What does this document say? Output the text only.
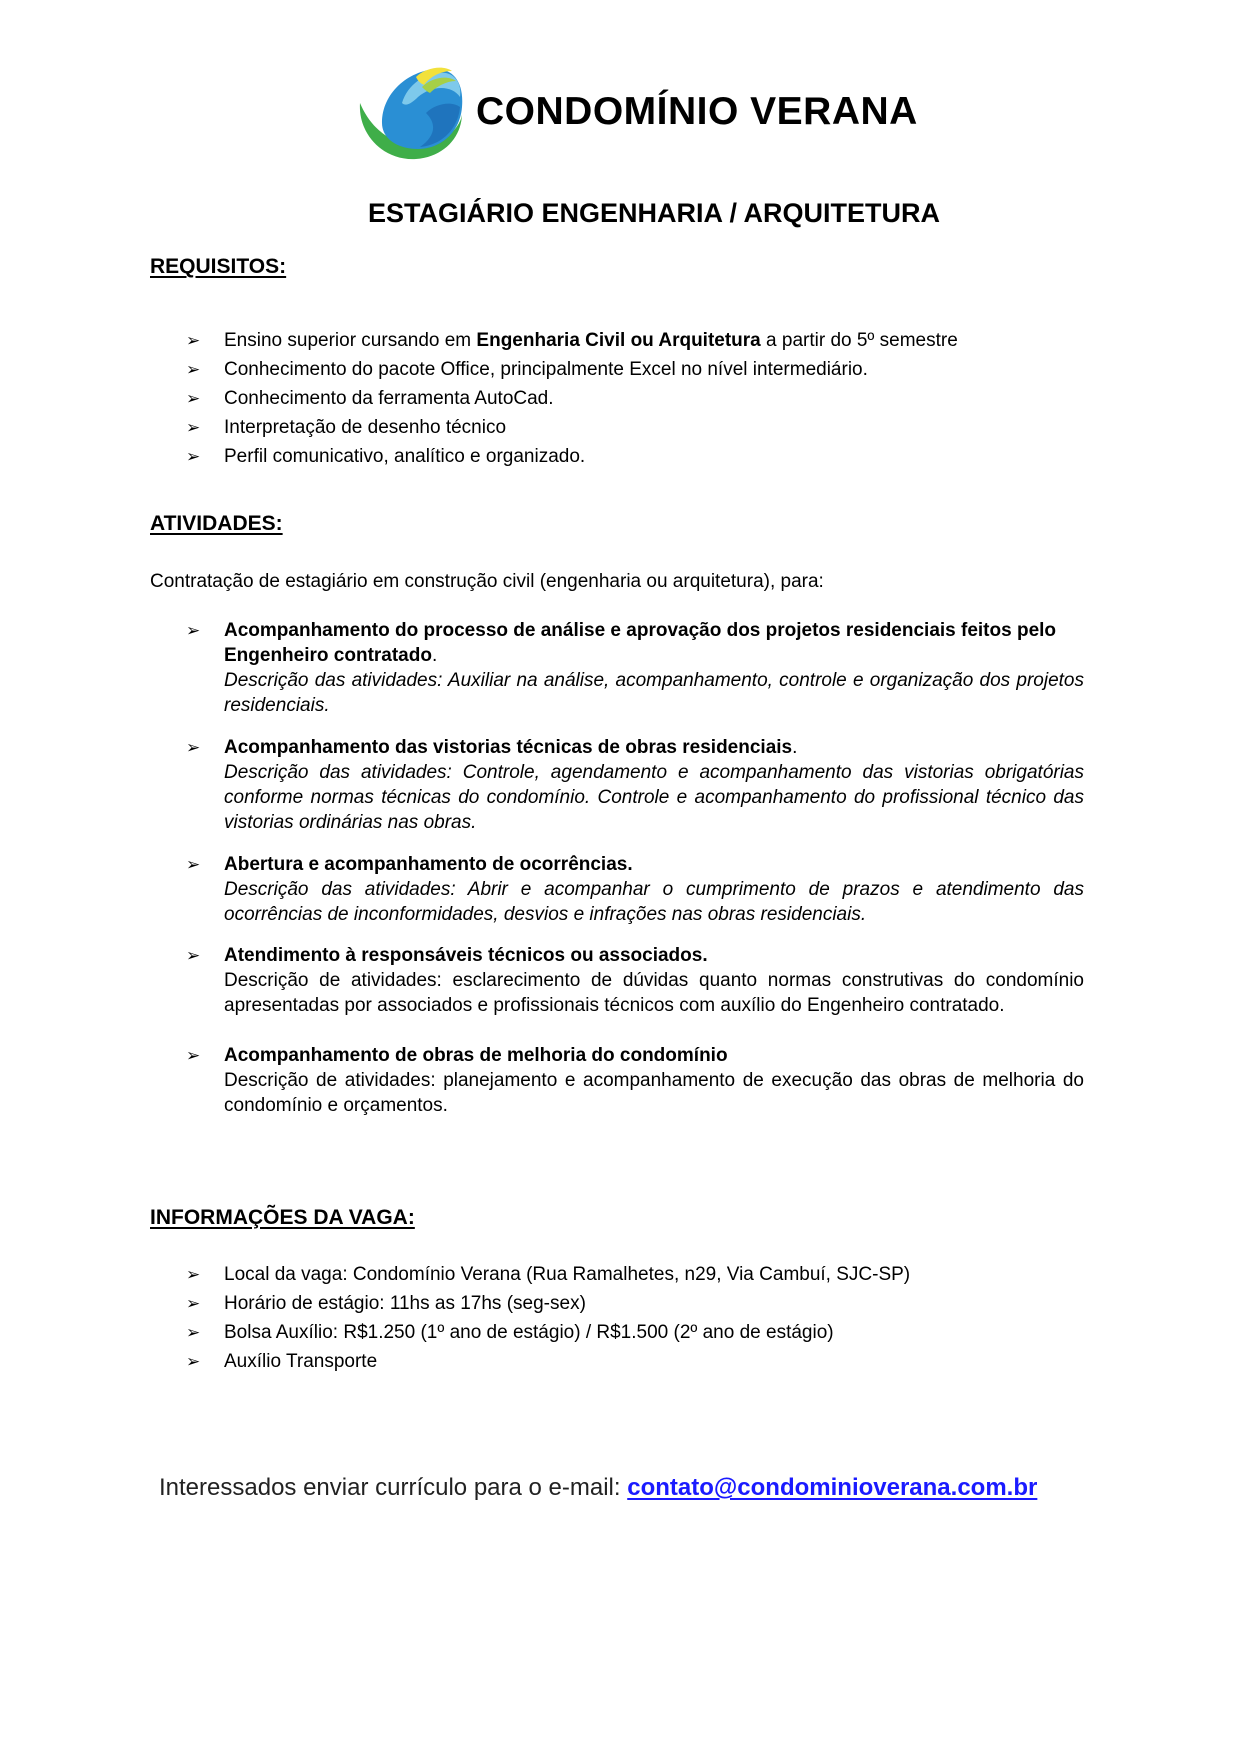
CONDOMÍNIO VERANA
ESTAGIÁRIO ENGENHARIA / ARQUITETURA
REQUISITOS:
➢ Ensino superior cursando em Engenharia Civil ou Arquitetura a partir do 5º semestre
➢ Conhecimento do pacote Office, principalmente Excel no nível intermediário.
➢ Conhecimento da ferramenta AutoCad.
➢ Interpretação de desenho técnico
➢ Perfil comunicativo, analítico e organizado.
ATIVIDADES:
Contratação de estagiário em construção civil (engenharia ou arquitetura), para:
➢ Acompanhamento do processo de análise e aprovação dos projetos residenciais feitos pelo Engenheiro contratado.
Descrição das atividades: Auxiliar na análise, acompanhamento, controle e organização dos projetos residenciais.
➢ Acompanhamento das vistorias técnicas de obras residenciais.
Descrição das atividades: Controle, agendamento e acompanhamento das vistorias obrigatórias conforme normas técnicas do condomínio. Controle e acompanhamento do profissional técnico das vistorias ordinárias nas obras.
➢ Abertura e acompanhamento de ocorrências.
Descrição das atividades: Abrir e acompanhar o cumprimento de prazos e atendimento das ocorrências de inconformidades, desvios e infrações nas obras residenciais.
➢ Atendimento à responsáveis técnicos ou associados.
Descrição de atividades: esclarecimento de dúvidas quanto normas construtivas do condomínio apresentadas por associados e profissionais técnicos com auxílio do Engenheiro contratado.
➢ Acompanhamento de obras de melhoria do condomínio
Descrição de atividades: planejamento e acompanhamento de execução das obras de melhoria do condomínio e orçamentos.
INFORMAÇÕES DA VAGA:
➢ Local da vaga: Condomínio Verana (Rua Ramalhetes, n29, Via Cambuí, SJC-SP)
➢ Horário de estágio: 11hs as 17hs (seg-sex)
➢ Bolsa Auxílio: R$1.250 (1º ano de estágio) / R$1.500 (2º ano de estágio)
➢ Auxílio Transporte
Interessados enviar currículo para o e-mail: contato@condominioverana.com.br
